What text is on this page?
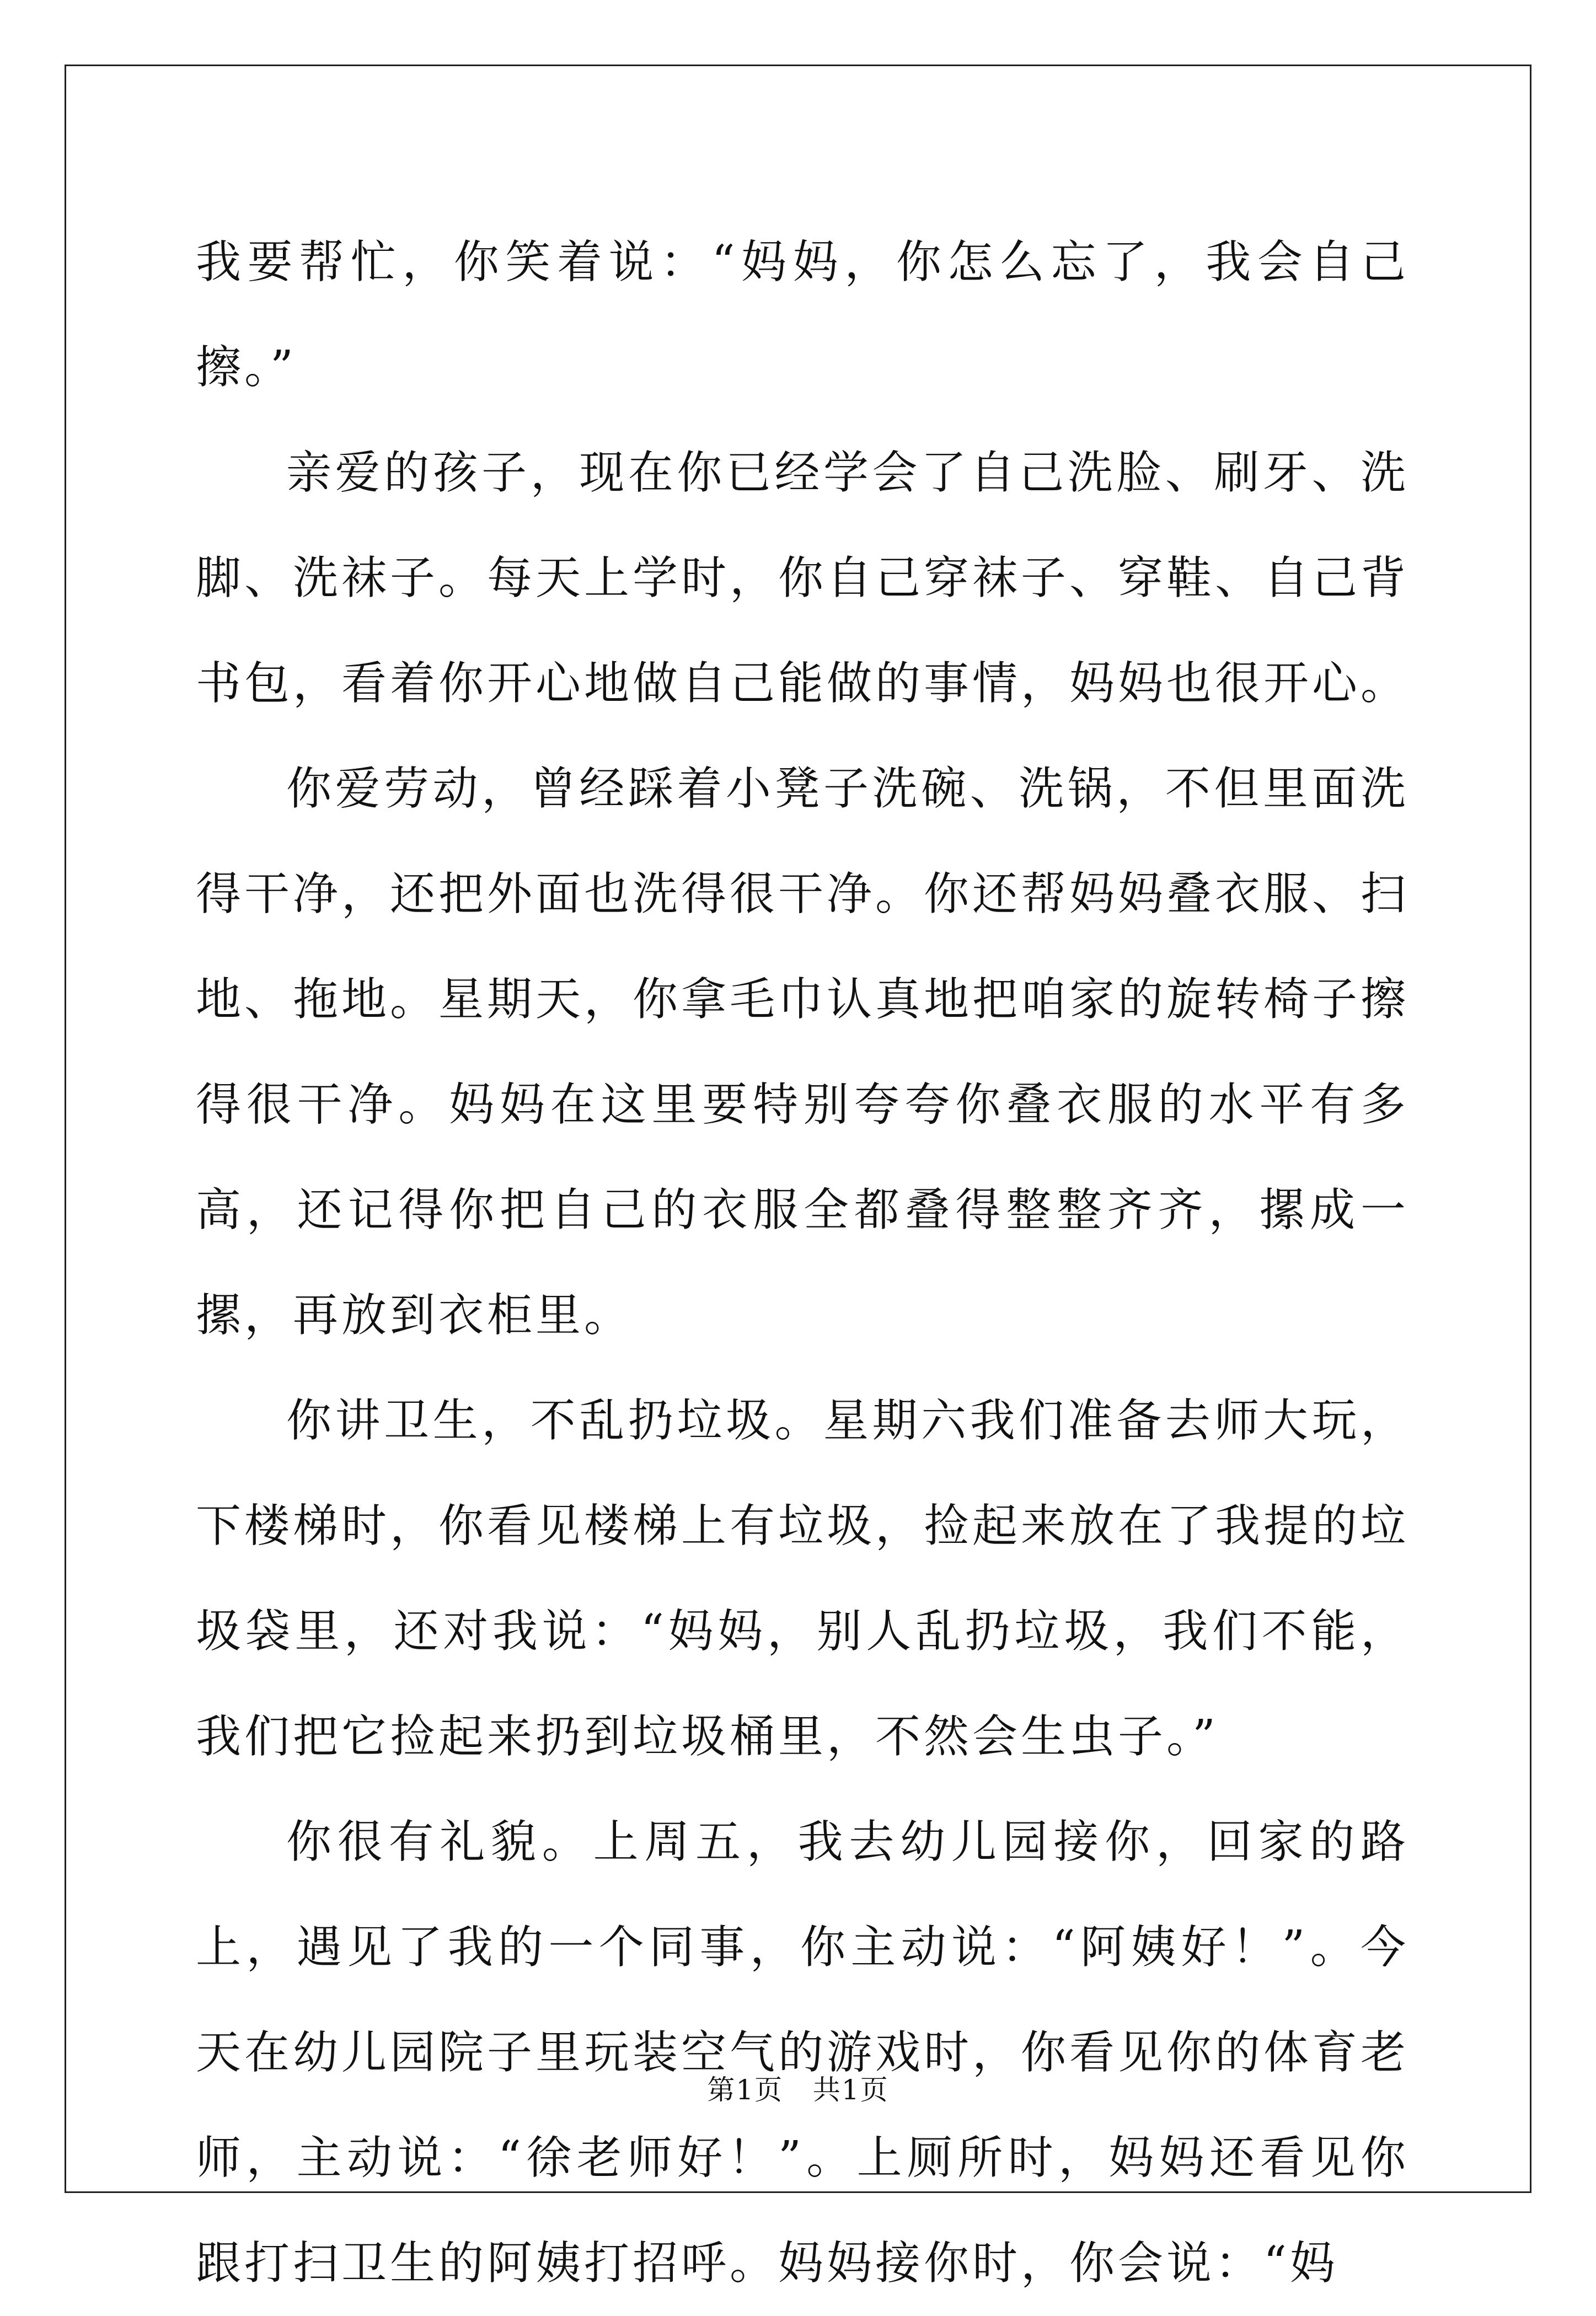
我要帮忙，你笑着说：“妈妈，你怎么忘了，我会自己擦。”

亲爱的孩子，现在你已经学会了自己洗脸、刷牙、洗脚、洗袜子。每天上学时，你自己穿袜子、穿鞋、自己背书包，看着你开心地做自己能做的事情，妈妈也很开心。

你爱劳动，曾经踩着小凳子洗碗、洗锅，不但里面洗得干净，还把外面也洗得很干净。你还帮妈妈叠衣服、扫地、拖地。星期天，你拿毛巾认真地把咱家的旋转椅子擦得很干净。妈妈在这里要特别夸夸你叠衣服的水平有多高，还记得你把自己的衣服全都叠得整整齐齐，摞成一摞，再放到衣柜里。

你讲卫生，不乱扔垃圾。星期六我们准备去师大玩，下楼梯时，你看见楼梯上有垃圾，捡起来放在了我提的垃圾袋里，还对我说：“妈妈，别人乱扔垃圾，我们不能，我们把它捡起来扔到垃圾桶里，不然会生虫子。”

你很有礼貌。上周五，我去幼儿园接你，回家的路上，遇见了我的一个同事，你主动说：“阿姨好！”。今天在幼儿园院子里玩装空气的游戏时，你看见你的体育老师，主动说：“徐老师好！”。上厕所时，妈妈还看见你跟打扫卫生的阿姨打招呼。妈妈接你时，你会说：“妈

第1页 共1页
